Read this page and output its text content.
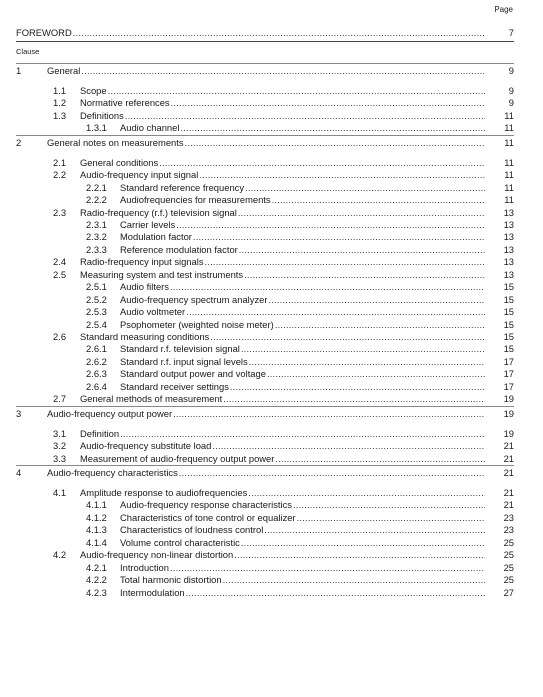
Page
FOREWORD .....	7
Clause
1	General .....	9
1.1 Scope .....	9
1.2 Normative references .....	9
1.3 Definitions .....	11
1.3.1 Audio channel .....	11
2	General notes on measurements .....	11
2.1 General conditions .....	11
2.2 Audio-frequency input signal .....	11
2.2.1 Standard reference frequency .....	11
2.2.2 Audiofrequencies for measurements .....	11
2.3 Radio-frequency (r.f.) television signal .....	13
2.3.1 Carrier levels .....	13
2.3.2 Modulation factor .....	13
2.3.3 Reference modulation factor .....	13
2.4 Radio-frequency input signals .....	13
2.5 Measuring system and test instruments .....	13
2.5.1 Audio filters .....	15
2.5.2 Audio-frequency spectrum analyzer .....	15
2.5.3 Audio voltmeter .....	15
2.5.4 Psophometer (weighted noise meter) .....	15
2.6 Standard measuring conditions .....	15
2.6.1 Standard r.f. television signal .....	15
2.6.2 Standard r.f. input signal levels .....	17
2.6.3 Standard output power and voltage .....	17
2.6.4 Standard receiver settings .....	17
2.7 General methods of measurement .....	19
3	Audio-frequency output power .....	19
3.1 Definition .....	19
3.2 Audio-frequency substitute load .....	21
3.3 Measurement of audio-frequency output power .....	21
4	Audio-frequency characteristics .....	21
4.1 Amplitude response to audiofrequencies .....	21
4.1.1 Audio-frequency response characteristics .....	21
4.1.2 Characteristics of tone control or equalizer .....	23
4.1.3 Characteristics of loudness control .....	23
4.1.4 Volume control characteristic .....	25
4.2 Audio-frequency non-linear distortion .....	25
4.2.1 Introduction .....	25
4.2.2 Total harmonic distortion .....	25
4.2.3 Intermodulation .....	27
